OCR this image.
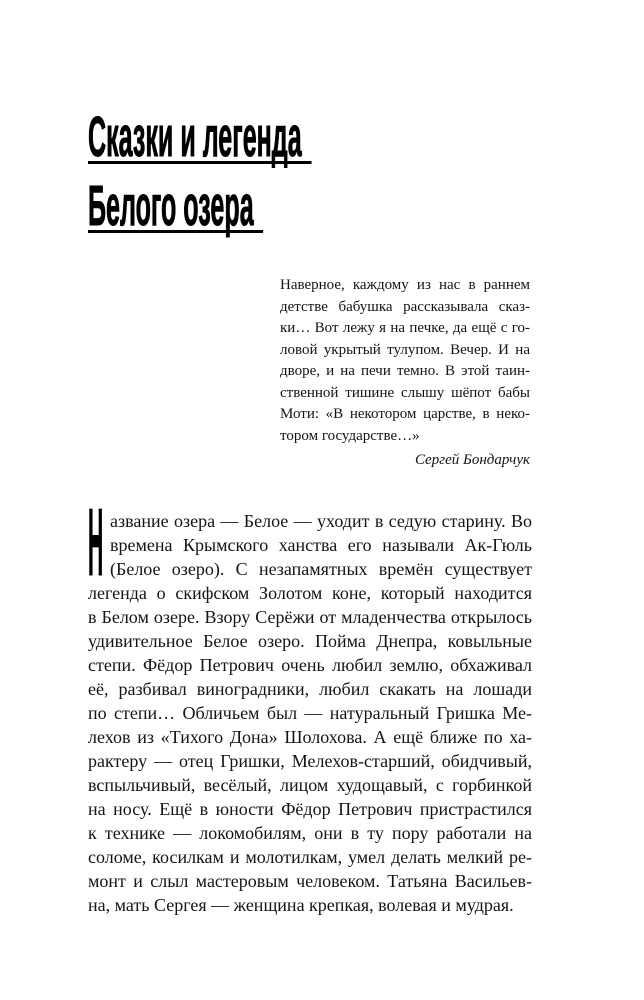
Сказки и легенда
Белого озера
Наверное, каждому из нас в раннем
детстве бабушка рассказывала сказ-
ки… Вот лежу я на печке, да ещё с го-
ловой укрытый тулупом. Вечер. И на
дворе, и на печи темно. В этой таин-
ственной тишине слышу шёпот бабы
Моти: «В некотором царстве, в неко-
тором государстве…»
Сергей Бондарчук
Н азвание озера — Белое — уходит в седую старину. Во
времена Крымского ханства его называли Ак-Гюль
(Белое озеро). С незапамятных времён существует
легенда о скифском Золотом коне, который находится
в Белом озере. Взору Серёжи от младенчества открылось
удивительное Белое озеро. Пойма Днепра, ковыльные
степи. Фёдор Петрович очень любил землю, обхаживал
её, разбивал виноградники, любил скакать на лошади
по степи… Обличьем был — натуральный Гришка Ме-
лехов из «Тихого Дона» Шолохова. А ещё ближе по ха-
рактеру — отец Гришки, Мелехов-старший, обидчивый,
вспыльчивый, весёлый, лицом худощавый, с горбинкой
на носу. Ещё в юности Фёдор Петрович пристрастился
к технике — локомобилям, они в ту пору работали на
соломе, косилкам и молотилкам, умел делать мелкий ре-
монт и слыл мастеровым человеком. Татьяна Васильев-
на, мать Сергея — женщина крепкая, волевая и мудрая.
